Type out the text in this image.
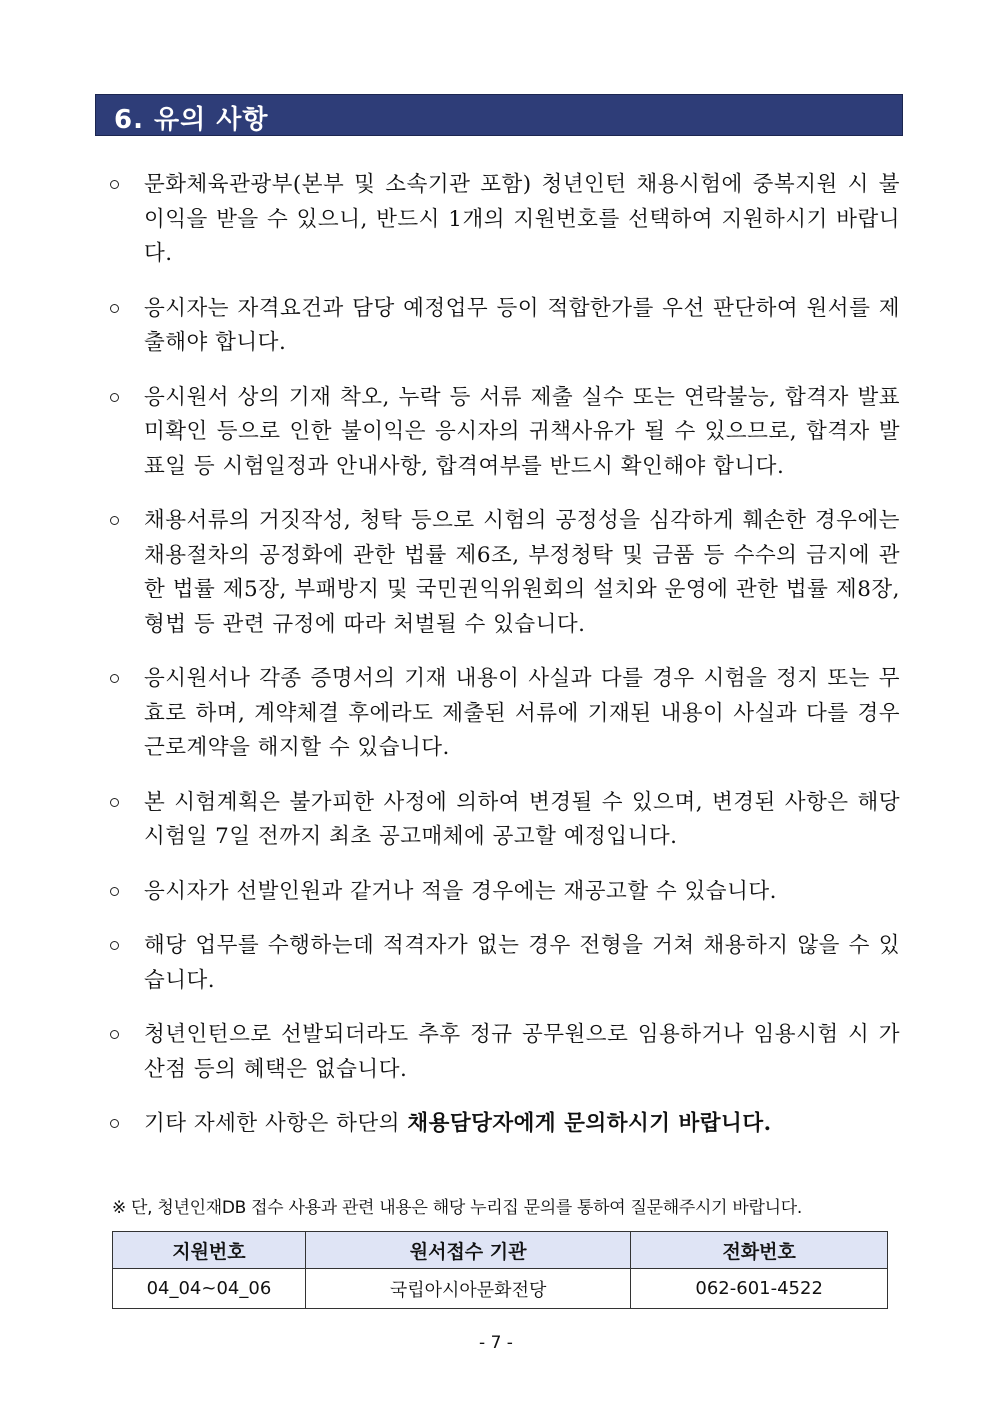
6. 유의 사항
문화체육관광부(본부 및 소속기관 포함) 청년인턴 채용시험에 중복지원 시 불이익을 받을 수 있으니, 반드시 1개의 지원번호를 선택하여 지원하시기 바랍니다.
응시자는 자격요건과 담당 예정업무 등이 적합한가를 우선 판단하여 원서를 제출해야 합니다.
응시원서 상의 기재 착오, 누락 등 서류 제출 실수 또는 연락불능, 합격자 발표 미확인 등으로 인한 불이익은 응시자의 귀책사유가 될 수 있으므로, 합격자 발표일 등 시험일정과 안내사항, 합격여부를 반드시 확인해야 합니다.
채용서류의 거짓작성, 청탁 등으로 시험의 공정성을 심각하게 훼손한 경우에는 채용절차의 공정화에 관한 법률 제6조, 부정청탁 및 금품 등 수수의 금지에 관한 법률 제5장, 부패방지 및 국민권익위원회의 설치와 운영에 관한 법률 제8장, 형법 등 관련 규정에 따라 처벌될 수 있습니다.
응시원서나 각종 증명서의 기재 내용이 사실과 다를 경우 시험을 정지 또는 무효로 하며, 계약체결 후에라도 제출된 서류에 기재된 내용이 사실과 다를 경우 근로계약을 해지할 수 있습니다.
본 시험계획은 불가피한 사정에 의하여 변경될 수 있으며, 변경된 사항은 해당 시험일 7일 전까지 최초 공고매체에 공고할 예정입니다.
응시자가 선발인원과 같거나 적을 경우에는 재공고할 수 있습니다.
해당 업무를 수행하는데 적격자가 없는 경우 전형을 거쳐 채용하지 않을 수 있습니다.
청년인턴으로 선발되더라도 추후 정규 공무원으로 임용하거나 임용시험 시 가산점 등의 혜택은 없습니다.
기타 자세한 사항은 하단의 채용담당자에게 문의하시기 바랍니다.
※ 단, 청년인재DB 접수 사용과 관련 내용은 해당 누리집 문의를 통하여 질문해주시기 바랍니다.
지원번호	원서접수 기관	전화번호
04_04~04_06	국립아시아문화전당	062-601-4522
- 7 -
